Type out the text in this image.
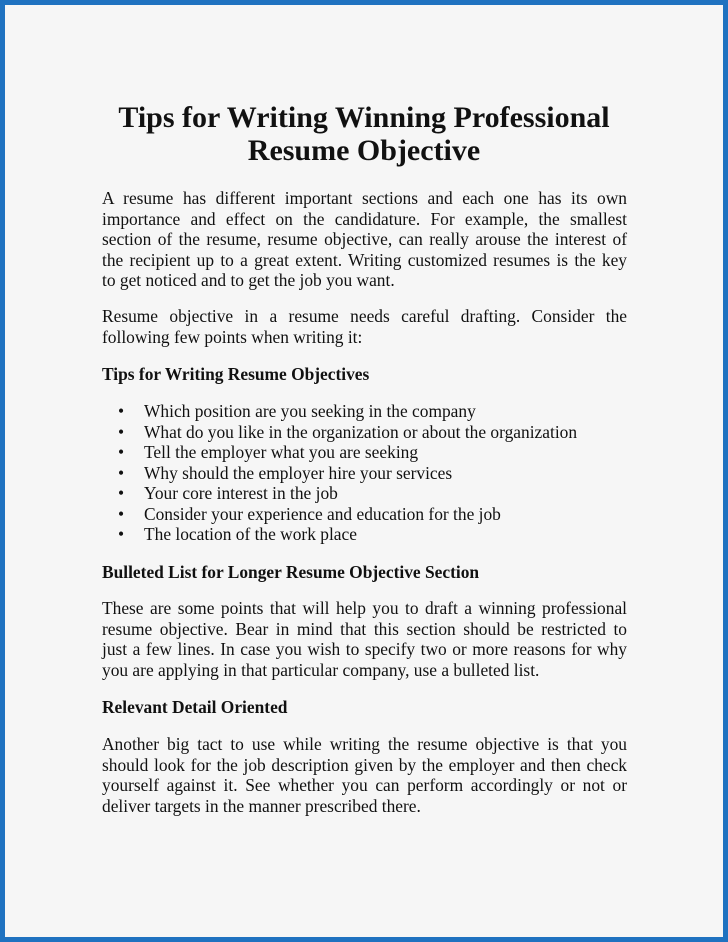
Tips for Writing Winning Professional
Resume Objective
A resume has different important sections and each one has its own
importance and effect on the candidature. For example, the smallest
section of the resume, resume objective, can really arouse the interest of
the recipient up to a great extent. Writing customized resumes is the key
to get noticed and to get the job you want.
Resume objective in a resume needs careful drafting. Consider the
following few points when writing it:
Tips for Writing Resume Objectives
•	Which position are you seeking in the company
•	What do you like in the organization or about the organization
•	Tell the employer what you are seeking
•	Why should the employer hire your services
•	Your core interest in the job
•	Consider your experience and education for the job
•	The location of the work place
Bulleted List for Longer Resume Objective Section
These are some points that will help you to draft a winning professional
resume objective. Bear in mind that this section should be restricted to
just a few lines. In case you wish to specify two or more reasons for why
you are applying in that particular company, use a bulleted list.
Relevant Detail Oriented
Another big tact to use while writing the resume objective is that you
should look for the job description given by the employer and then check
yourself against it. See whether you can perform accordingly or not or
deliver targets in the manner prescribed there.
